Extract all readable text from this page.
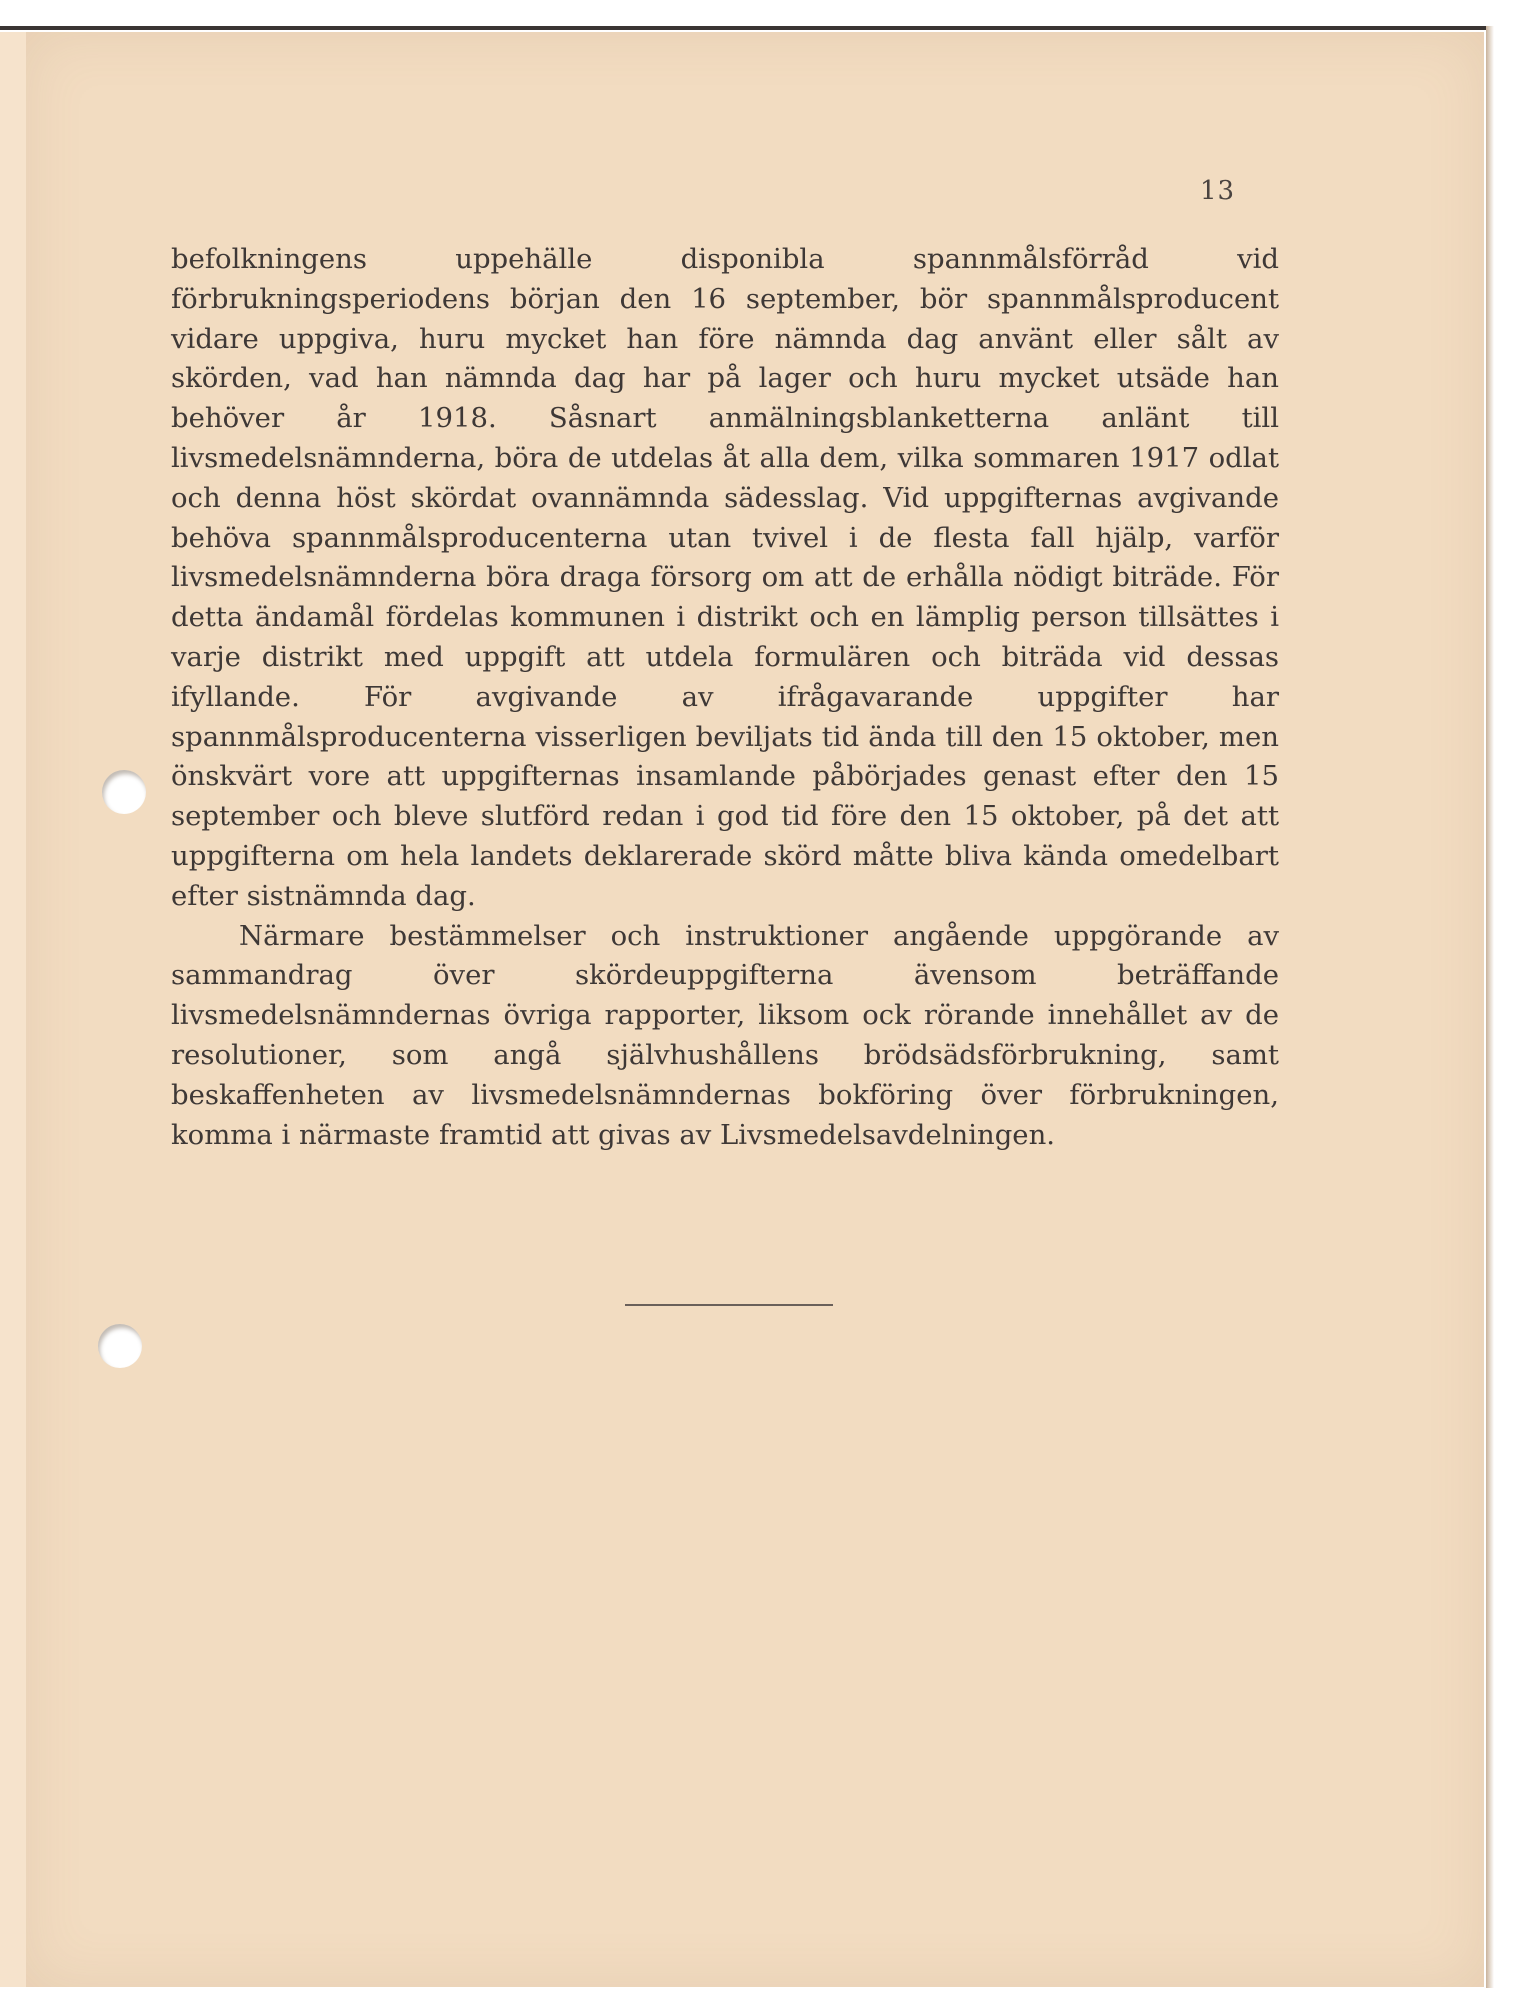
13

befolkningens uppehälle disponibla spannmålsförråd vid förbrukningsperiodens början den 16 september, bör spannmålsproducent vidare uppgiva, huru mycket han före nämnda dag använt eller sålt av skörden, vad han nämnda dag har på lager och huru mycket utsäde han behöver år 1918. Såsnart anmälningsblanketterna anlänt till livsmedelsnämnderna, böra de utdelas åt alla dem, vilka sommaren 1917 odlat och denna höst skördat ovannämnda sädesslag. Vid uppgifternas avgivande behöva spannmålsproducenterna utan tvivel i de flesta fall hjälp, varför livsmedelsnämnderna böra draga försorg om att de erhålla nödigt biträde. För detta ändamål fördelas kommunen i distrikt och en lämplig person tillsättes i varje distrikt med uppgift att utdela formulären och biträda vid dessas ifyllande. För avgivande av ifrågavarande uppgifter har spannmålsproducenterna visserligen beviljats tid ända till den 15 oktober, men önskvärt vore att uppgifternas insamlande påbörjades genast efter den 15 september och bleve slutförd redan i god tid före den 15 oktober, på det att uppgifterna om hela landets deklarerade skörd måtte bliva kända omedelbart efter sistnämnda dag.

Närmare bestämmelser och instruktioner angående uppgörande av sammandrag över skördeuppgifterna ävensom beträffande livsmedelsnämndernas övriga rapporter, liksom ock rörande innehållet av de resolutioner, som angå självhushållens brödsädsförbrukning, samt beskaffenheten av livsmedelsnämndernas bokföring över förbrukningen, komma i närmaste framtid att givas av Livsmedelsavdelningen.
